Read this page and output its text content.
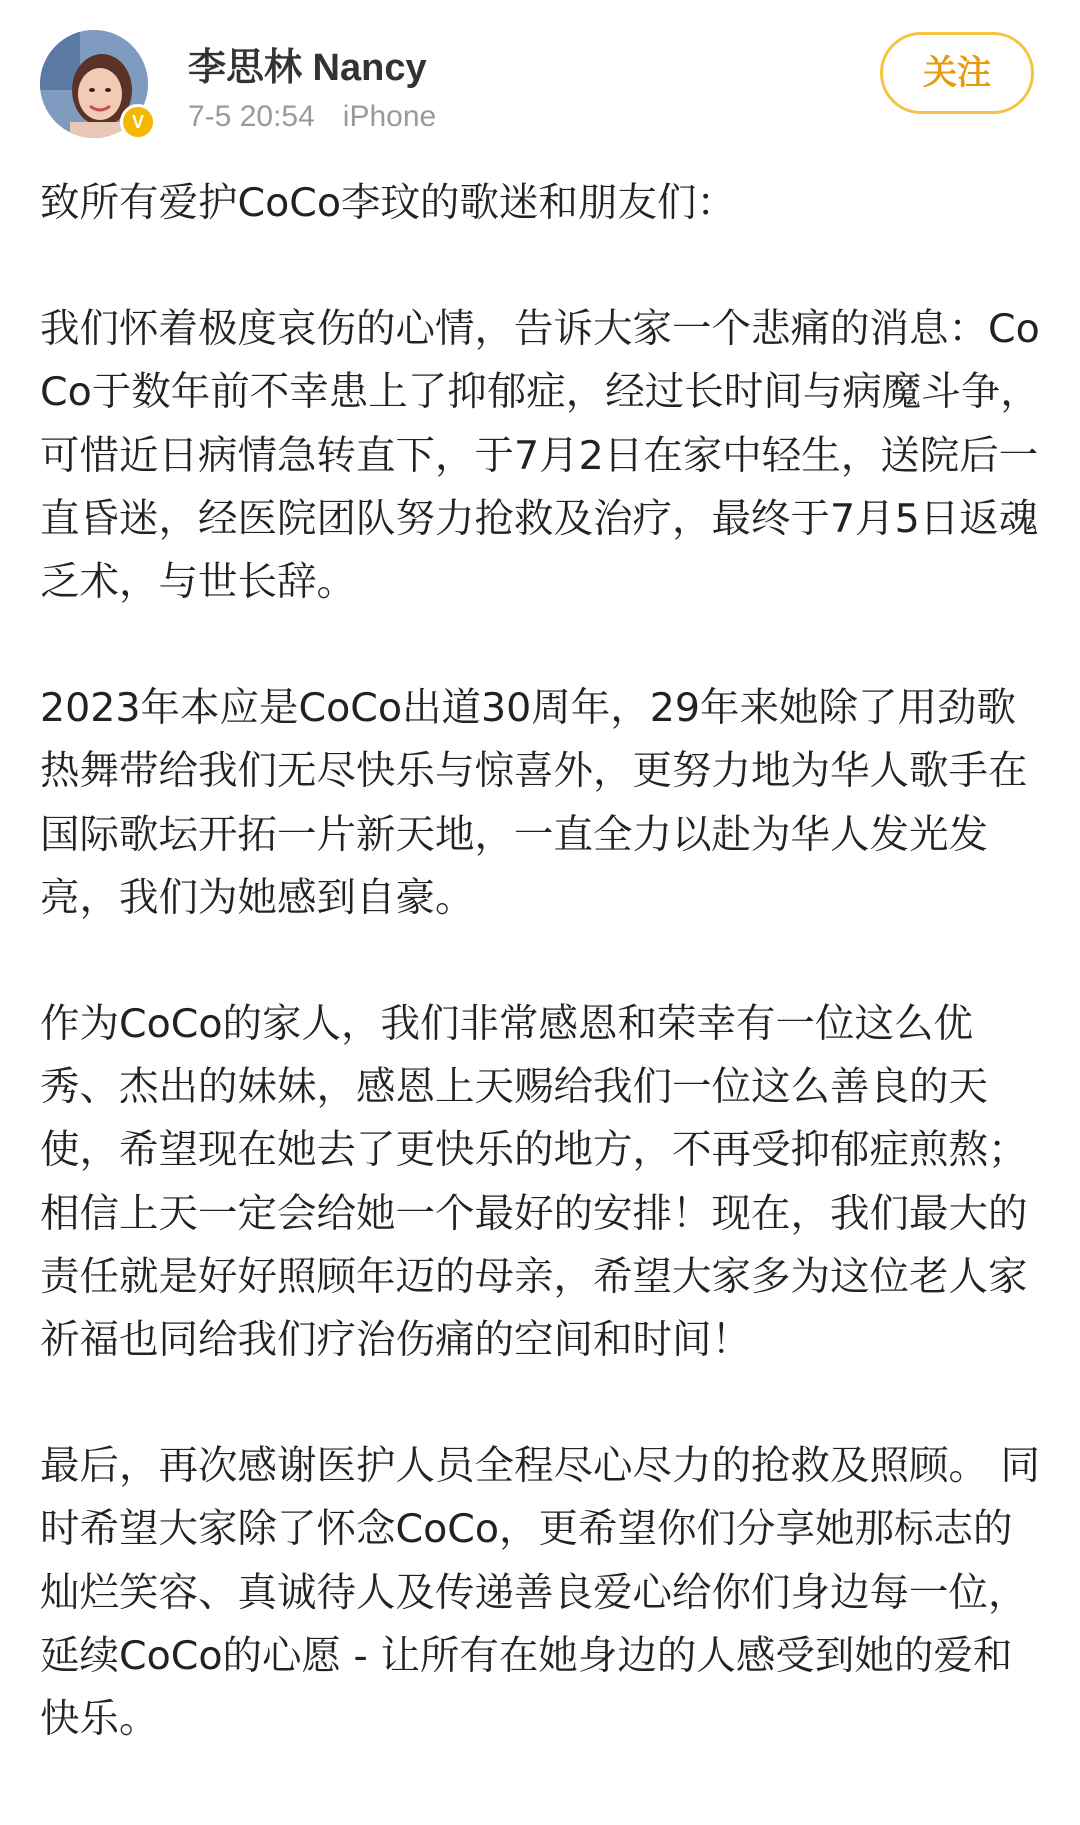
V
李思林 Nancy
7-5 20:54 iPhone
关注

致所有爱护CoCo李玟的歌迷和朋友们：

我们怀着极度哀伤的心情，告诉大家一个悲痛的消息：CoCo于数年前不幸患上了抑郁症，经过长时间与病魔斗争，可惜近日病情急转直下，于7月2日在家中轻生，送院后一直昏迷，经医院团队努力抢救及治疗，最终于7月5日返魂乏术，与世长辞。

2023年本应是CoCo出道30周年，29年来她除了用劲歌热舞带给我们无尽快乐与惊喜外，更努力地为华人歌手在国际歌坛开拓一片新天地，一直全力以赴为华人发光发亮，我们为她感到自豪。

作为CoCo的家人，我们非常感恩和荣幸有一位这么优秀、杰出的妹妹，感恩上天赐给我们一位这么善良的天使，希望现在她去了更快乐的地方，不再受抑郁症煎熬；相信上天一定会给她一个最好的安排！现在，我们最大的责任就是好好照顾年迈的母亲，希望大家多为这位老人家祈福也同给我们疗治伤痛的空间和时间！

最后，再次感谢医护人员全程尽心尽力的抢救及照顾。 同时希望大家除了怀念CoCo，更希望你们分享她那标志的灿烂笑容、真诚待人及传递善良爱心给你们身边每一位，延续CoCo的心愿 - 让所有在她身边的人感受到她的爱和快乐。
